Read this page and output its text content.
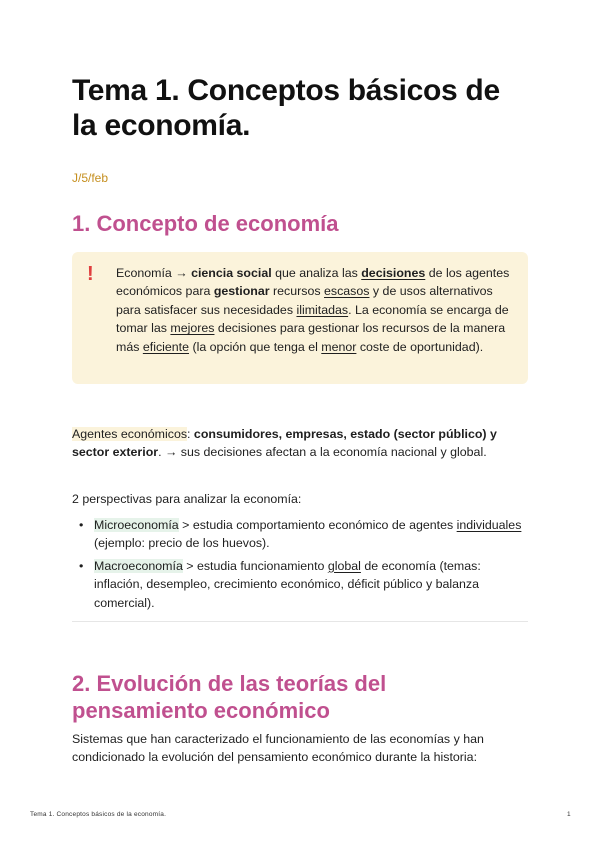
Tema 1. Conceptos básicos de la economía.
J/5/feb
1. Concepto de economía
! Economía → ciencia social que analiza las decisiones de los agentes económicos para gestionar recursos escasos y de usos alternativos para satisfacer sus necesidades ilimitadas. La economía se encarga de tomar las mejores decisiones para gestionar los recursos de la manera más eficiente (la opción que tenga el menor coste de oportunidad).

Agentes económicos: consumidores, empresas, estado (sector público) y sector exterior. → sus decisiones afectan a la economía nacional y global.

2 perspectivas para analizar la economía:

• Microeconomía > estudia comportamiento económico de agentes individuales (ejemplo: precio de los huevos).
• Macroeconomía > estudia funcionamiento global de economía (temas: inflación, desempleo, crecimiento económico, déficit público y balanza comercial).
2. Evolución de las teorías del pensamiento económico

Sistemas que han caracterizado el funcionamiento de las economías y han condicionado la evolución del pensamiento económico durante la historia:

Tema 1. Conceptos básicos de la economía.	1
